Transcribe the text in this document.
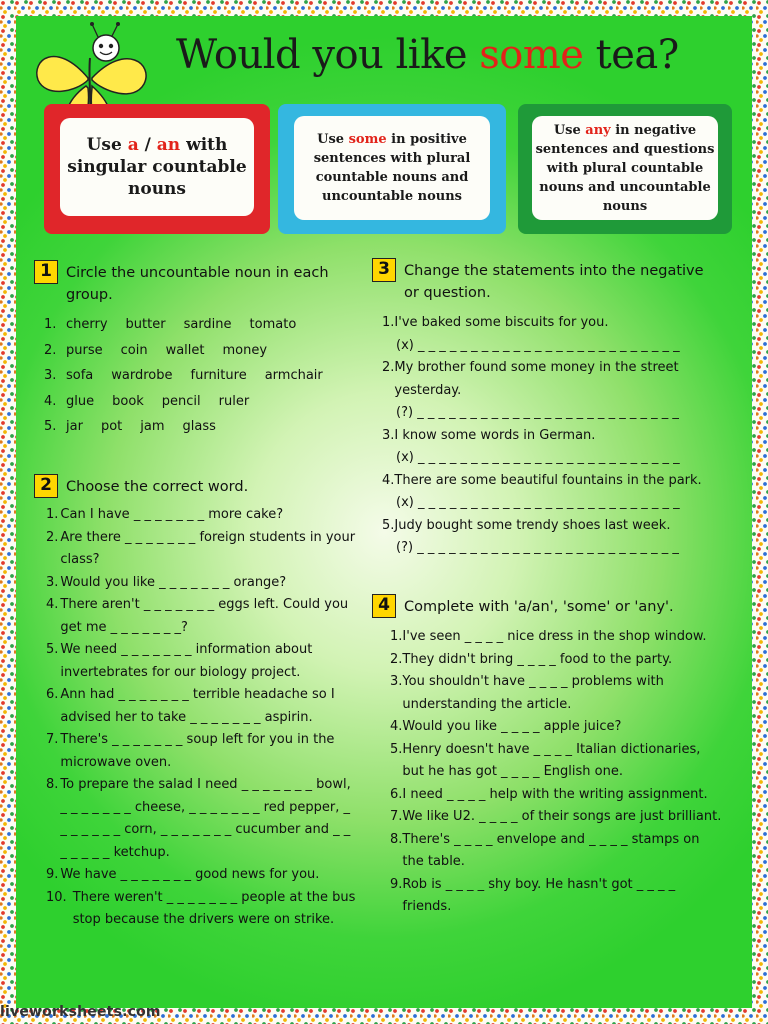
Would you like some tea?
Use a / an with singular countable nouns
Use some in positive sentences with plural countable nouns and uncountable nouns
Use any in negative sentences and questions with plural countable nouns and uncountable nouns
1 Circle the uncountable noun in each group.
1. cherry butter sardine tomato
2. purse coin wallet money
3. sofa wardrobe furniture armchair
4. glue book pencil ruler
5. jar pot jam glass
2 Choose the correct word.
1. Can I have _ _ _ _ _ _ _ more cake?
2. Are there _ _ _ _ _ _ _ foreign students in your class?
3. Would you like _ _ _ _ _ _ _ orange?
4. There aren't _ _ _ _ _ _ _ eggs left. Could you get me _ _ _ _ _ _ _?
5. We need _ _ _ _ _ _ _ information about invertebrates for our biology project.
6. Ann had _ _ _ _ _ _ _ terrible headache so I advised her to take _ _ _ _ _ _ _ aspirin.
7. There's _ _ _ _ _ _ _ soup left for you in the microwave oven.
8. To prepare the salad I need _ _ _ _ _ _ _ bowl, _ _ _ _ _ _ _ cheese, _ _ _ _ _ _ _ red pepper, _ _ _ _ _ _ _ corn, _ _ _ _ _ _ _ cucumber and _ _ _ _ _ _ _ ketchup.
9. We have _ _ _ _ _ _ _ good news for you.
10. There weren't _ _ _ _ _ _ _ people at the bus stop because the drivers were on strike.
3 Change the statements into the negative or question.
1. I've baked some biscuits for you.
(x) _ _ _ _ _ _ _ _ _ _ _ _ _ _ _ _ _ _ _ _ _ _ _ _ _
2. My brother found some money in the street yesterday.
(?) _ _ _ _ _ _ _ _ _ _ _ _ _ _ _ _ _ _ _ _ _ _ _ _ _
3. I know some words in German.
(x) _ _ _ _ _ _ _ _ _ _ _ _ _ _ _ _ _ _ _ _ _ _ _ _ _
4. There are some beautiful fountains in the park.
(x) _ _ _ _ _ _ _ _ _ _ _ _ _ _ _ _ _ _ _ _ _ _ _ _ _
5. Judy bought some trendy shoes last week.
(?) _ _ _ _ _ _ _ _ _ _ _ _ _ _ _ _ _ _ _ _ _ _ _ _ _
4 Complete with 'a/an', 'some' or 'any'.
1. I've seen _ _ _ _ nice dress in the shop window.
2. They didn't bring _ _ _ _ food to the party.
3. You shouldn't have _ _ _ _ problems with understanding the article.
4. Would you like _ _ _ _ apple juice?
5. Henry doesn't have _ _ _ _ Italian dictionaries, but he has got _ _ _ _ English one.
6. I need _ _ _ _ help with the writing assignment.
7. We like U2. _ _ _ _ of their songs are just brilliant.
8. There's _ _ _ _ envelope and _ _ _ _ stamps on the table.
9. Rob is _ _ _ _ shy boy. He hasn't got _ _ _ _ friends.
liveworksheets.com
